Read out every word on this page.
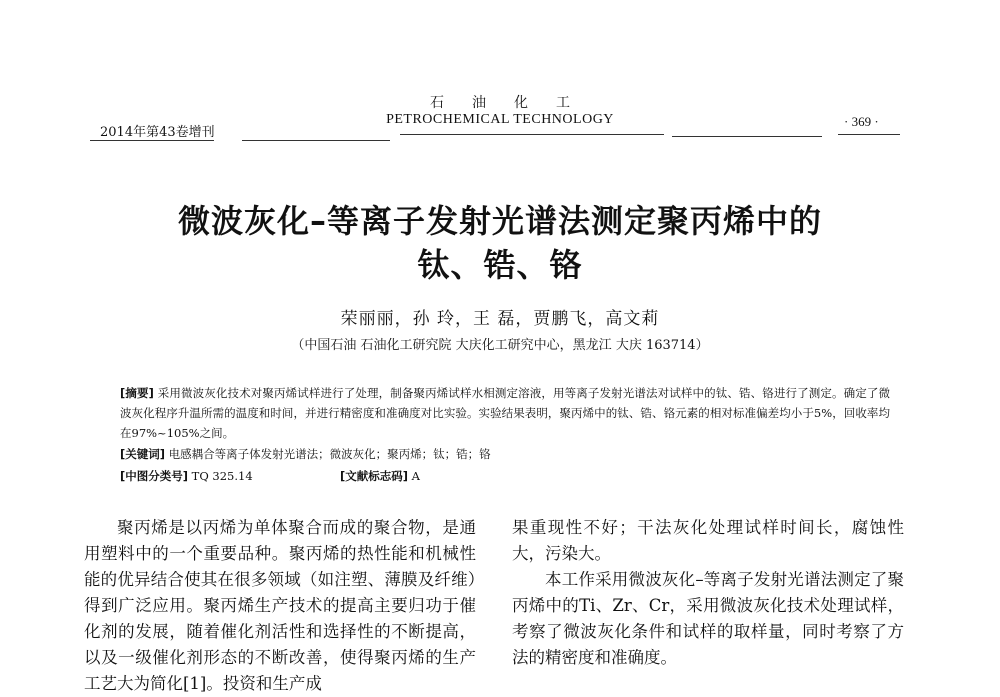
石油化工
PETROCHEMICAL TECHNOLOGY
2014年第43卷增刊
· 369 ·
微波灰化–等离子发射光谱法测定聚丙烯中的
钛、锆、铬
荣丽丽，孙 玲，王 磊，贾鹏飞，高文莉
（中国石油 石油化工研究院 大庆化工研究中心，黑龙江 大庆 163714）
[摘要] 采用微波灰化技术对聚丙烯试样进行了处理，制备聚丙烯试样水相测定溶液，用等离子发射光谱法对试样中的钛、锆、铬进行了测定。确定了微波灰化程序升温所需的温度和时间，并进行精密度和准确度对比实验。实验结果表明，聚丙烯中的钛、锆、铬元素的相对标准偏差均小于5%，回收率均在97%~105%之间。
[关键词] 电感耦合等离子体发射光谱法；微波灰化；聚丙烯；钛；锆；铬
[中图分类号] TQ 325.14	[文献标志码] A

聚丙烯是以丙烯为单体聚合而成的聚合物，是通用塑料中的一个重要品种。聚丙烯的热性能和机械性能的优异结合使其在很多领域（如注塑、薄膜及纤维）得到广泛应用。聚丙烯生产技术的提高主要归功于催化剂的发展，随着催化剂活性和选择性的不断提高，以及一级催化剂形态的不断改善，使得聚丙烯的生产工艺大为简化[1]。投资和生产成

果重现性不好；干法灰化处理试样时间长，腐蚀性大，污染大。

本工作采用微波灰化–等离子发射光谱法测定了聚丙烯中的Ti、Zr、Cr，采用微波灰化技术处理试样，考察了微波灰化条件和试样的取样量，同时考察了方法的精密度和准确度。
